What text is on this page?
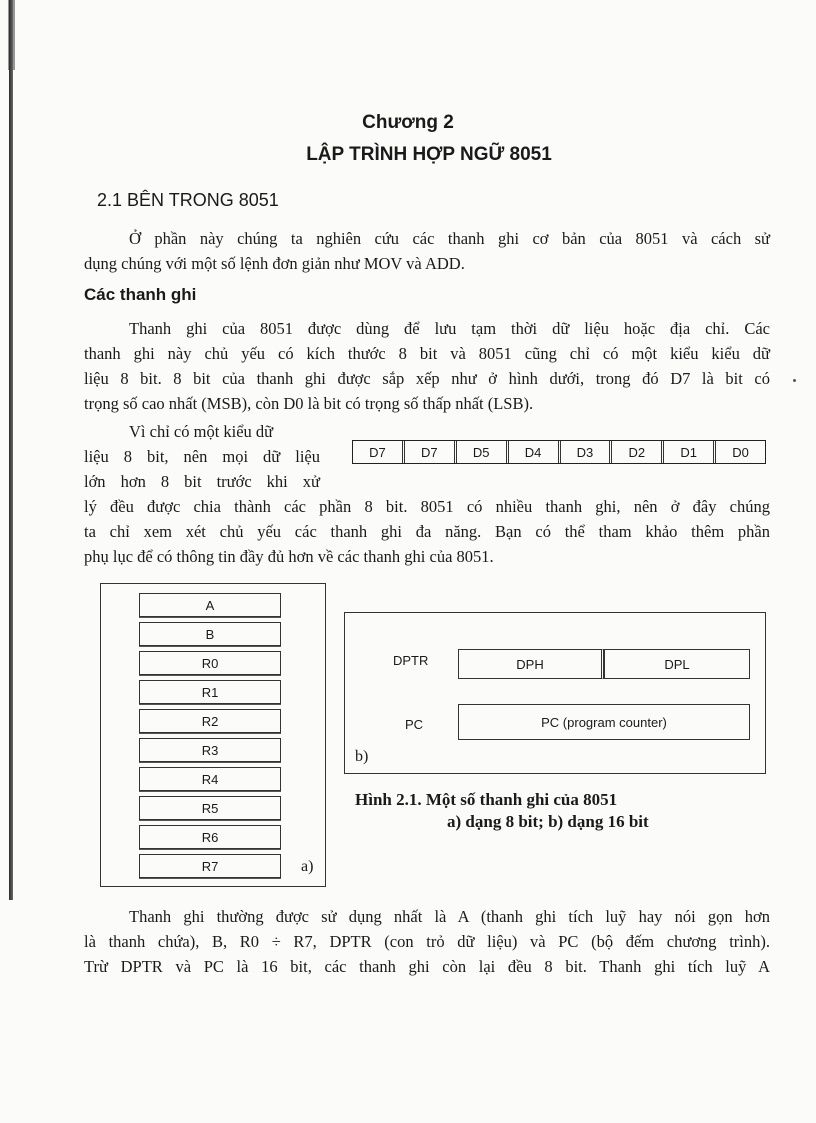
Chương 2
LẬP TRÌNH HỢP NGỮ 8051
2.1 BÊN TRONG 8051
Ở phần này chúng ta nghiên cứu các thanh ghi cơ bản của 8051 và cách sử
dụng chúng với một số lệnh đơn giản như MOV và ADD.
Các thanh ghi
Thanh ghi của 8051 được dùng để lưu tạm thời dữ liệu hoặc địa chỉ. Các
thanh ghi này chủ yếu có kích thước 8 bit và 8051 cũng chỉ có một kiểu kiểu dữ
liệu 8 bit. 8 bit của thanh ghi được sắp xếp như ở hình dưới, trong đó D7 là bit có
trọng số cao nhất (MSB), còn D0 là bit có trọng số thấp nhất (LSB).
Vì chỉ có một kiểu dữ
liệu 8 bit, nên mọi dữ liệu
lớn hơn 8 bit trước khi xử
D7	D7	D5	D4	D3	D2	D1	D0
lý đều được chia thành các phần 8 bit. 8051 có nhiều thanh ghi, nên ở đây chúng
ta chỉ xem xét chủ yếu các thanh ghi đa năng. Bạn có thể tham khảo thêm phần
phụ lục để có thông tin đầy đủ hơn về các thanh ghi của 8051.
A
B
R0
R1
R2
R3
R4
R5
R6
R7	a)
DPTR	DPH	DPL
PC	PC (program counter)
b)
Hình 2.1. Một số thanh ghi của 8051
a) dạng 8 bit; b) dạng 16 bit
Thanh ghi thường được sử dụng nhất là A (thanh ghi tích luỹ hay nói gọn hơn
là thanh chứa), B, R0 ÷ R7, DPTR (con trỏ dữ liệu) và PC (bộ đếm chương trình).
Trừ DPTR và PC là 16 bit, các thanh ghi còn lại đều 8 bit. Thanh ghi tích luỹ A
